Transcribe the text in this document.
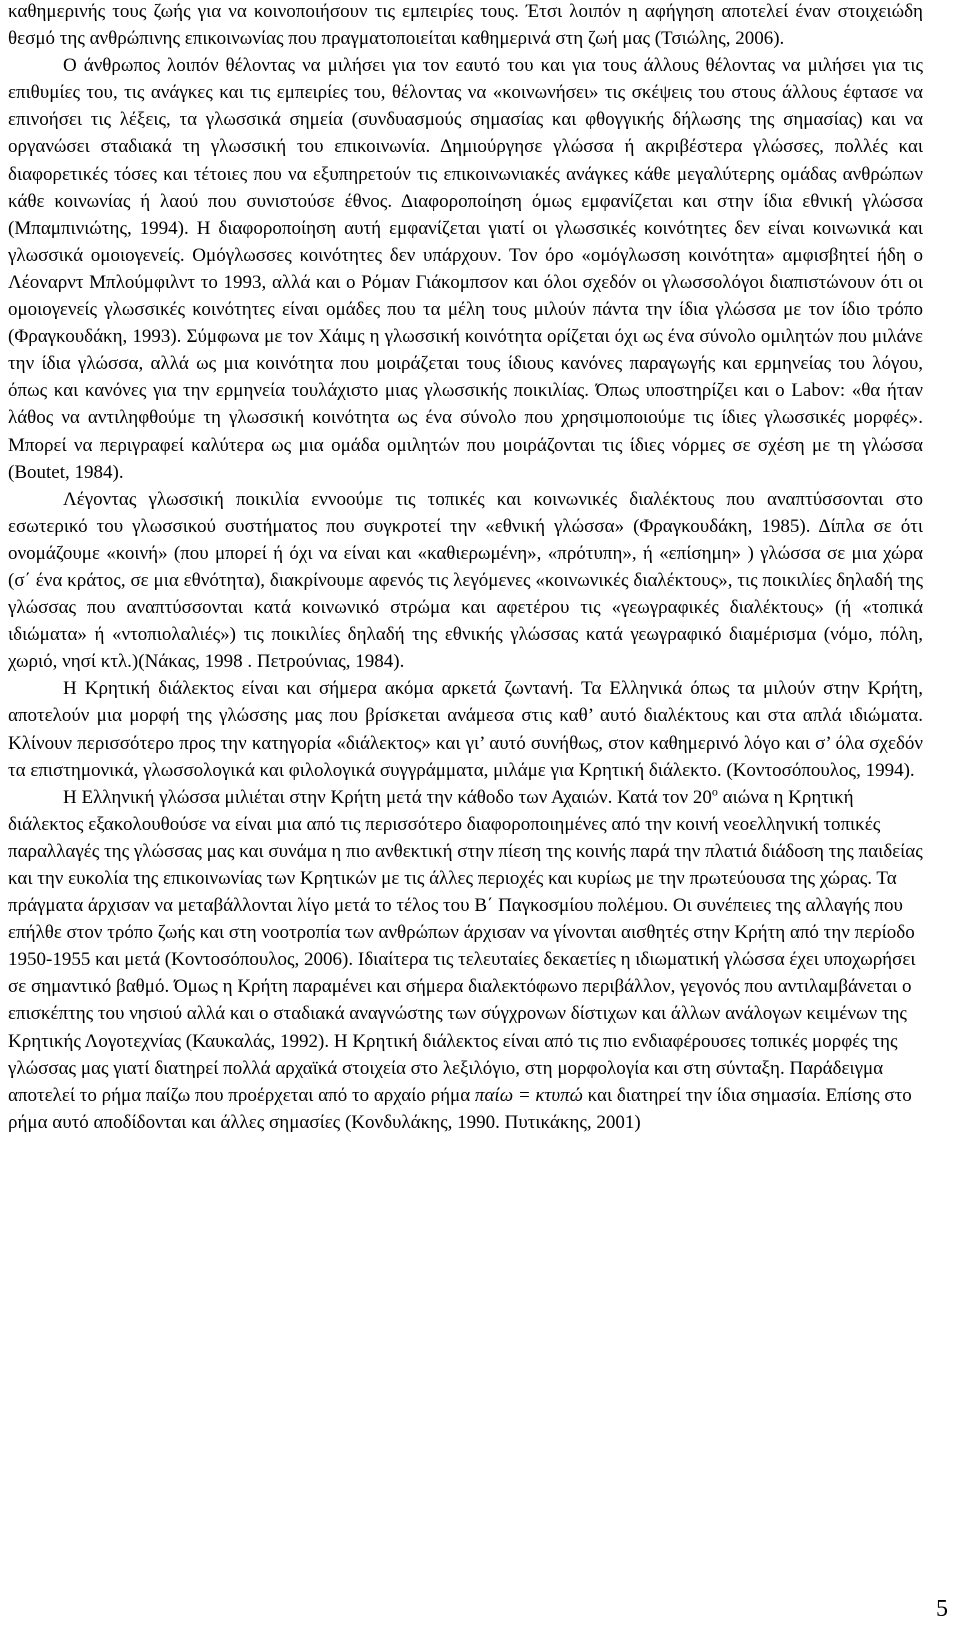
καθημερινής τους ζωής για να κοινοποιήσουν τις εμπειρίες τους. Έτσι λοιπόν η αφήγηση αποτελεί έναν στοιχειώδη θεσμό της ανθρώπινης επικοινωνίας που πραγματοποιείται καθημερινά στη ζωή μας (Τσιώλης, 2006).

Ο άνθρωπος λοιπόν θέλοντας να μιλήσει για τον εαυτό του και για τους άλλους θέλοντας να μιλήσει για τις επιθυμίες του, τις ανάγκες και τις εμπειρίες του, θέλοντας να «κοινωνήσει» τις σκέψεις του στους άλλους έφτασε να επινοήσει τις λέξεις, τα γλωσσικά σημεία (συνδυασμούς σημασίας και φθογγικής δήλωσης της σημασίας) και να οργανώσει σταδιακά τη γλωσσική του επικοινωνία. Δημιούργησε γλώσσα ή ακριβέστερα γλώσσες, πολλές και διαφορετικές τόσες και τέτοιες που να εξυπηρετούν τις επικοινωνιακές ανάγκες κάθε μεγαλύτερης ομάδας ανθρώπων κάθε κοινωνίας ή λαού που συνιστούσε έθνος. Διαφοροποίηση όμως εμφανίζεται και στην ίδια εθνική γλώσσα (Μπαμπινιώτης, 1994). Η διαφοροποίηση αυτή εμφανίζεται γιατί οι γλωσσικές κοινότητες δεν είναι κοινωνικά και γλωσσικά ομοιογενείς. Ομόγλωσσες κοινότητες δεν υπάρχουν. Τον όρο «ομόγλωσση κοινότητα» αμφισβητεί ήδη ο Λέοναρντ Μπλούμφιλντ το 1993, αλλά και ο Ρόμαν Γιάκομπσον και όλοι σχεδόν οι γλωσσολόγοι διαπιστώνουν ότι οι ομοιογενείς γλωσσικές κοινότητες είναι ομάδες που τα μέλη τους μιλούν πάντα την ίδια γλώσσα με τον ίδιο τρόπο (Φραγκουδάκη, 1993). Σύμφωνα με τον Χάιμς η γλωσσική κοινότητα ορίζεται όχι ως ένα σύνολο ομιλητών που μιλάνε την ίδια γλώσσα, αλλά ως μια κοινότητα που μοιράζεται τους ίδιους κανόνες παραγωγής και ερμηνείας του λόγου, όπως και κανόνες για την ερμηνεία τουλάχιστο μιας γλωσσικής ποικιλίας. Όπως υποστηρίζει και ο Labov: «θα ήταν λάθος να αντιληφθούμε τη γλωσσική κοινότητα ως ένα σύνολο που χρησιμοποιούμε τις ίδιες γλωσσικές μορφές». Μπορεί να περιγραφεί καλύτερα ως μια ομάδα ομιλητών που μοιράζονται τις ίδιες νόρμες σε σχέση με τη γλώσσα (Boutet, 1984).

Λέγοντας γλωσσική ποικιλία εννοούμε τις τοπικές και κοινωνικές διαλέκτους που αναπτύσσονται στο εσωτερικό του γλωσσικού συστήματος που συγκροτεί την «εθνική γλώσσα» (Φραγκουδάκη, 1985). Δίπλα σε ότι ονομάζουμε «κοινή» (που μπορεί ή όχι να είναι και «καθιερωμένη», «πρότυπη», ή «επίσημη» ) γλώσσα σε μια χώρα (σ΄ ένα κράτος, σε μια εθνότητα), διακρίνουμε αφενός τις λεγόμενες «κοινωνικές διαλέκτους», τις ποικιλίες δηλαδή της γλώσσας που αναπτύσσονται κατά κοινωνικό στρώμα και αφετέρου τις «γεωγραφικές διαλέκτους» (ή «τοπικά ιδιώματα» ή «ντοπιολαλιές») τις ποικιλίες δηλαδή της εθνικής γλώσσας κατά γεωγραφικό διαμέρισμα (νόμο, πόλη, χωριό, νησί κτλ.)(Νάκας, 1998 . Πετρούνιας, 1984).

Η Κρητική διάλεκτος είναι και σήμερα ακόμα αρκετά ζωντανή. Τα Ελληνικά όπως τα μιλούν στην Κρήτη, αποτελούν μια μορφή της γλώσσης μας που βρίσκεται ανάμεσα στις καθ’ αυτό διαλέκτους και στα απλά ιδιώματα. Κλίνουν περισσότερο προς την κατηγορία «διάλεκτος» και γι’ αυτό συνήθως, στον καθημερινό λόγο και σ’ όλα σχεδόν τα επιστημονικά, γλωσσολογικά και φιλολογικά συγγράμματα, μιλάμε για Κρητική διάλεκτο. (Κοντοσόπουλος, 1994).

Η Ελληνική γλώσσα μιλιέται στην Κρήτη μετά την κάθοδο των Αχαιών. Κατά τον $20^o$ αιώνα η Κρητική διάλεκτος εξακολουθούσε να είναι μια από τις περισσότερο διαφοροποιημένες από την κοινή νεοελληνική τοπικές παραλλαγές της γλώσσας μας και συνάμα η πιο ανθεκτική στην πίεση της κοινής παρά την πλατιά διάδοση της παιδείας και την ευκολία της επικοινωνίας των Κρητικών με τις άλλες περιοχές και κυρίως με την πρωτεύουσα της χώρας. Τα πράγματα άρχισαν να μεταβάλλονται λίγο μετά το τέλος του Β΄ Παγκοσμίου πολέμου. Οι συνέπειες της αλλαγής που επήλθε στον τρόπο ζωής και στη νοοτροπία των ανθρώπων άρχισαν να γίνονται αισθητές στην Κρήτη από την περίοδο 1950-1955 και μετά (Κοντοσόπουλος, 2006). Ιδιαίτερα τις τελευταίες δεκαετίες η ιδιωματική γλώσσα έχει υποχωρήσει σε σημαντικό βαθμό. Όμως η Κρήτη παραμένει και σήμερα διαλεκτόφωνο περιβάλλον, γεγονός που αντιλαμβάνεται ο επισκέπτης του νησιού αλλά και ο σταδιακά αναγνώστης των σύγχρονων δίστιχων και άλλων ανάλογων κειμένων της Κρητικής Λογοτεχνίας (Καυκαλάς, 1992). Η Κρητική διάλεκτος είναι από τις πιο ενδιαφέρουσες τοπικές μορφές της γλώσσας μας γιατί διατηρεί πολλά αρχαϊκά στοιχεία στο λεξιλόγιο, στη μορφολογία και στη σύνταξη. Παράδειγμα αποτελεί το ρήμα παίζω που προέρχεται από το αρχαίο ρήμα παίω = κτυπώ και διατηρεί την ίδια σημασία. Επίσης στο ρήμα αυτό αποδίδονται και άλλες σημασίες (Κονδυλάκης, 1990. Πυτικάκης, 2001)

5
